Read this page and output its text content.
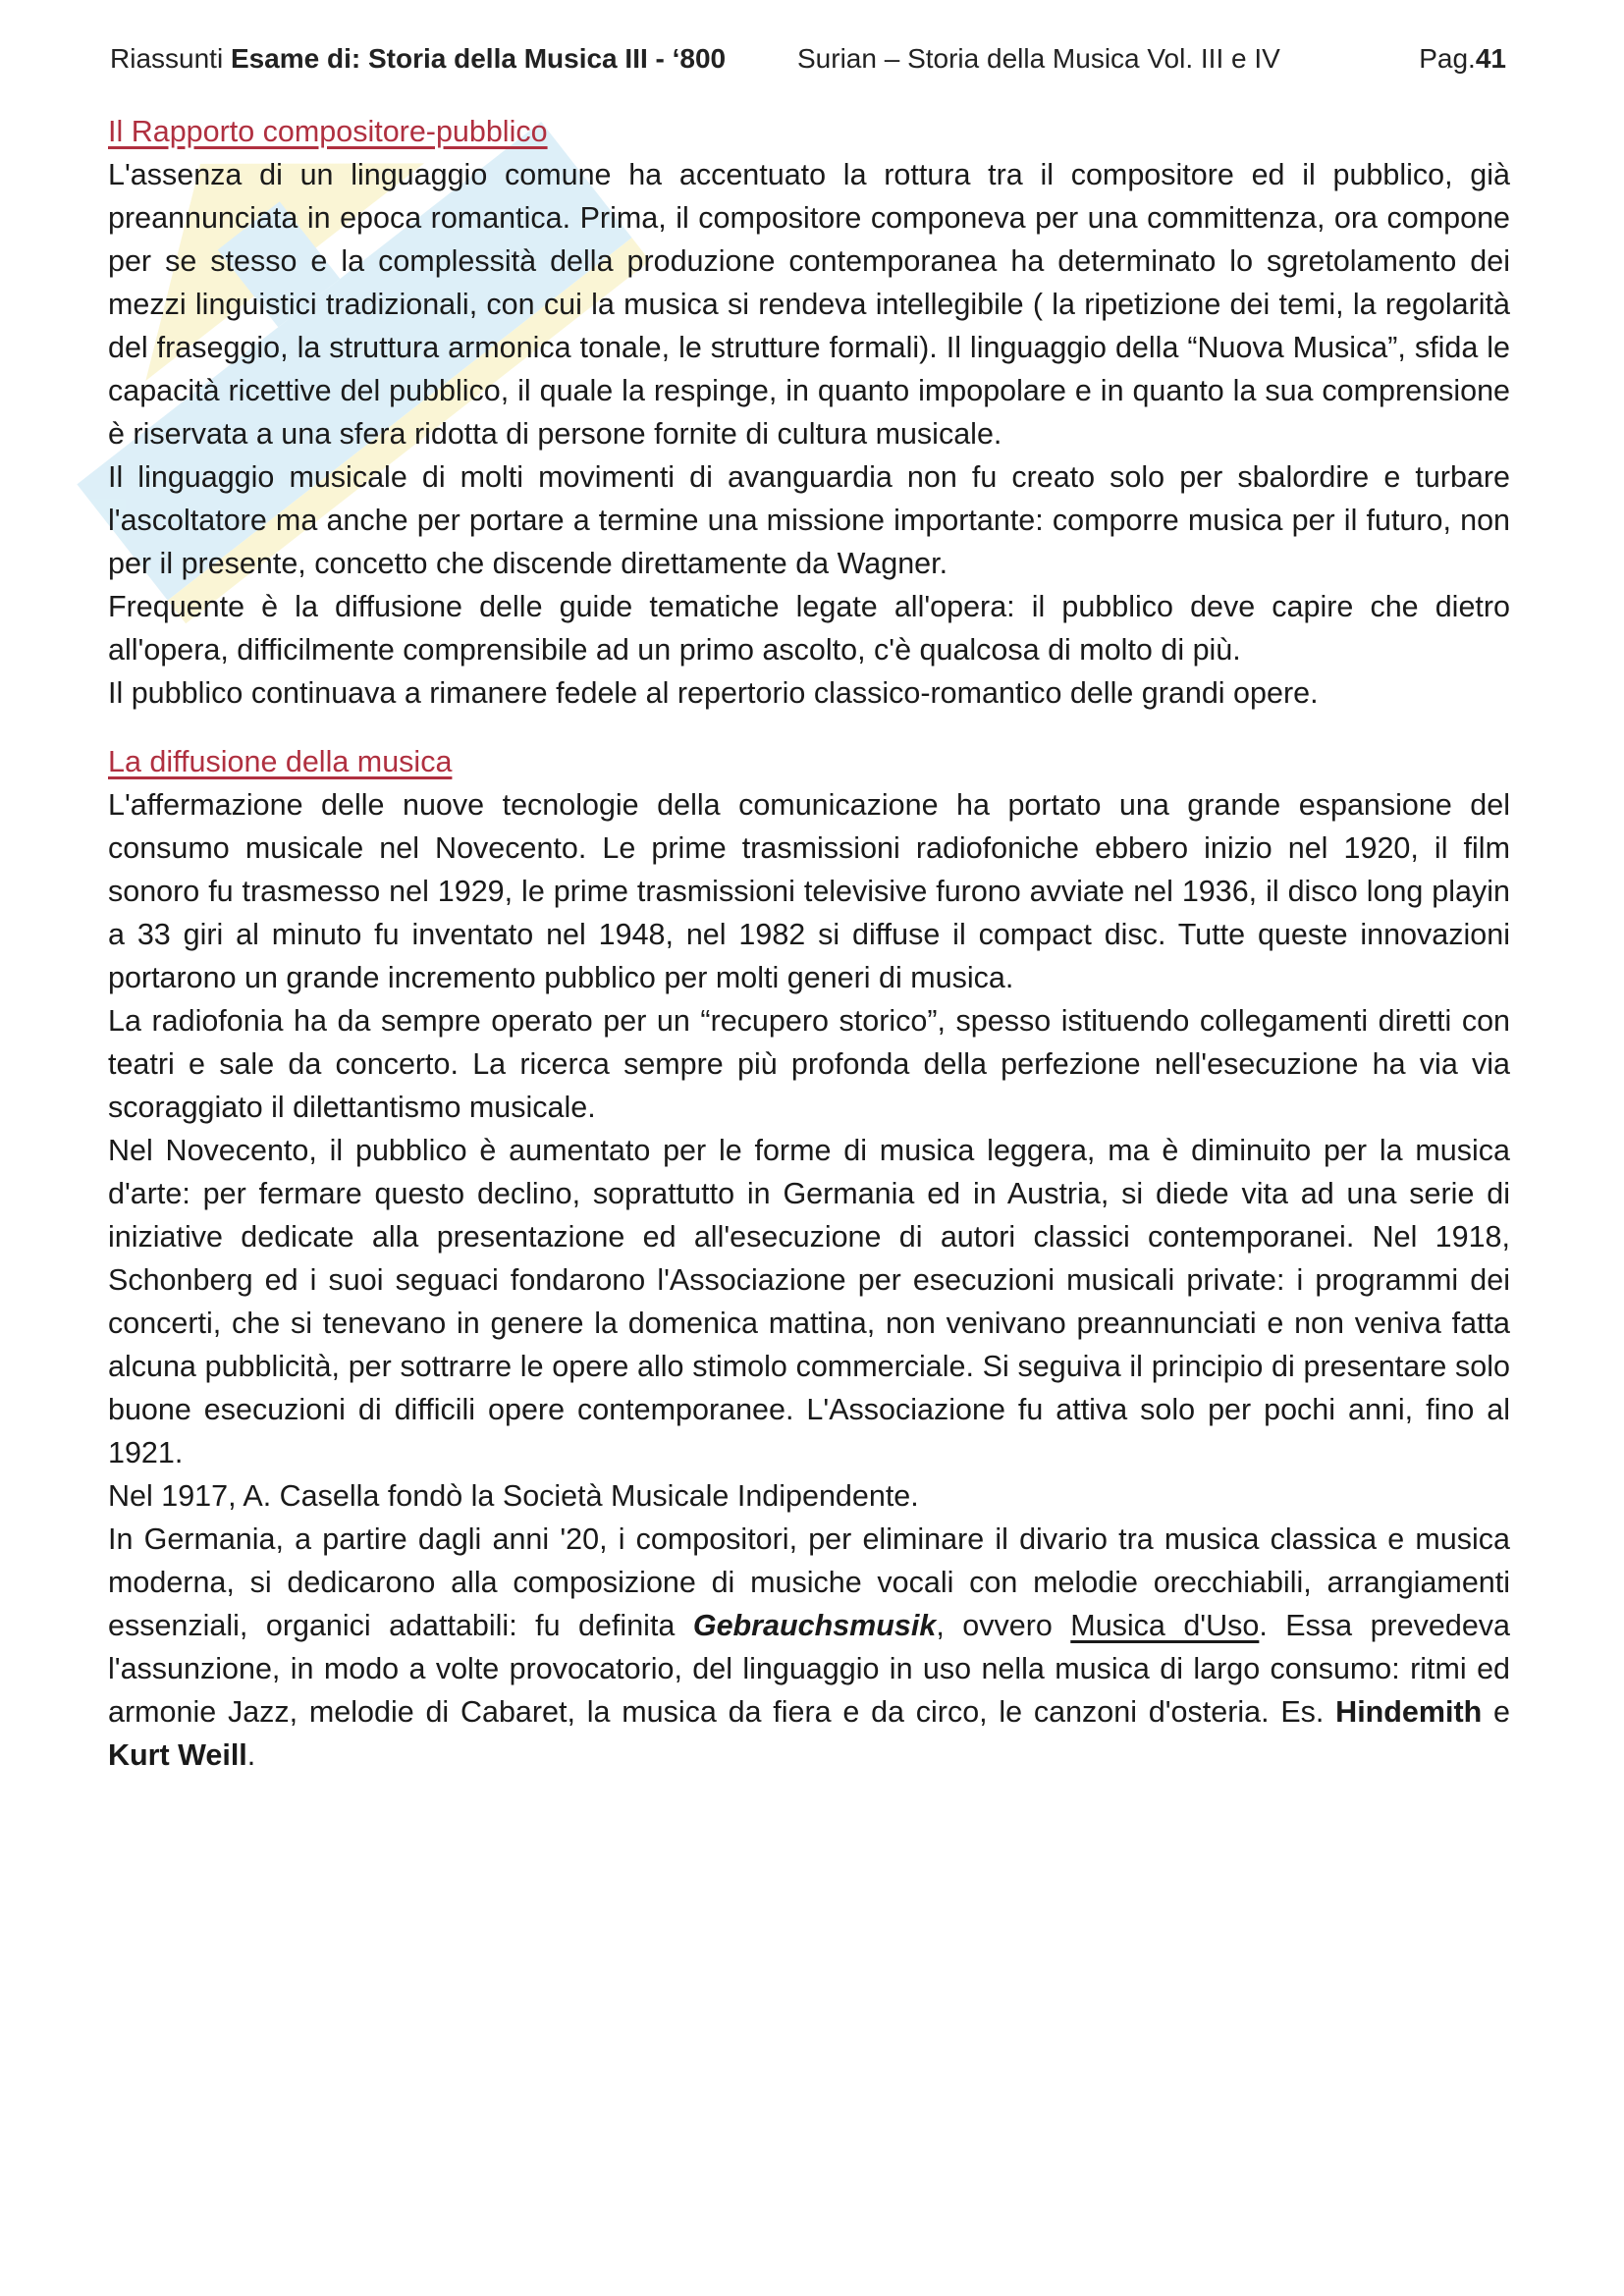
Riassunti Esame di: Storia della Musica III - ‘800	Surian – Storia della Musica Vol. III e IV	Pag.41

Il Rapporto compositore-pubblico

L'assenza di un linguaggio comune ha accentuato la rottura tra il compositore ed il pubblico, già preannunciata in epoca romantica. Prima, il compositore componeva per una committenza, ora compone per se stesso e la complessità della produzione contemporanea ha determinato lo sgretolamento dei mezzi linguistici tradizionali, con cui la musica si rendeva intellegibile ( la ripetizione dei temi, la regolarità del fraseggio, la struttura armonica tonale, le strutture formali). Il linguaggio della “Nuova Musica”, sfida le capacità ricettive del pubblico, il quale la respinge, in quanto impopolare e in quanto la sua comprensione è riservata a una sfera ridotta di persone fornite di cultura musicale.

Il linguaggio musicale di molti movimenti di avanguardia non fu creato solo per sbalordire e turbare l'ascoltatore ma anche per portare a termine una missione importante: comporre musica per il futuro, non per il presente, concetto che discende direttamente da Wagner.

Frequente è la diffusione delle guide tematiche legate all'opera: il pubblico deve capire che dietro all'opera, difficilmente comprensibile ad un primo ascolto, c'è qualcosa di molto di più.

Il pubblico continuava a rimanere fedele al repertorio classico-romantico delle grandi opere.

La diffusione della musica

L'affermazione delle nuove tecnologie della comunicazione ha portato una grande espansione del consumo musicale nel Novecento. Le prime trasmissioni radiofoniche ebbero inizio nel 1920, il film sonoro fu trasmesso nel 1929, le prime trasmissioni televisive furono avviate nel 1936, il disco long playin a 33 giri al minuto fu inventato nel 1948, nel 1982 si diffuse il compact disc. Tutte queste innovazioni portarono un grande incremento pubblico per molti generi di musica.

La radiofonia ha da sempre operato per un “recupero storico”, spesso istituendo collegamenti diretti con teatri e sale da concerto. La ricerca sempre più profonda della perfezione nell'esecuzione ha via via scoraggiato il dilettantismo musicale.

Nel Novecento, il pubblico è aumentato per le forme di musica leggera, ma è diminuito per la musica d'arte: per fermare questo declino, soprattutto in Germania ed in Austria, si diede vita ad una serie di iniziative dedicate alla presentazione ed all'esecuzione di autori classici contemporanei. Nel 1918, Schonberg ed i suoi seguaci fondarono l'Associazione per esecuzioni musicali private: i programmi dei concerti, che si tenevano in genere la domenica mattina, non venivano preannunciati e non veniva fatta alcuna pubblicità, per sottrarre le opere allo stimolo commerciale. Si seguiva il principio di presentare solo buone esecuzioni di difficili opere contemporanee. L'Associazione fu attiva solo per pochi anni, fino al 1921.

Nel 1917, A. Casella fondò la Società Musicale Indipendente.

In Germania, a partire dagli anni '20, i compositori, per eliminare il divario tra musica classica e musica moderna, si dedicarono alla composizione di musiche vocali con melodie orecchiabili, arrangiamenti essenziali, organici adattabili: fu definita Gebrauchsmusik, ovvero Musica d'Uso. Essa prevedeva l'assunzione, in modo a volte provocatorio, del linguaggio in uso nella musica di largo consumo: ritmi ed armonie Jazz, melodie di Cabaret, la musica da fiera e da circo, le canzoni d'osteria. Es. Hindemith e Kurt Weill.
